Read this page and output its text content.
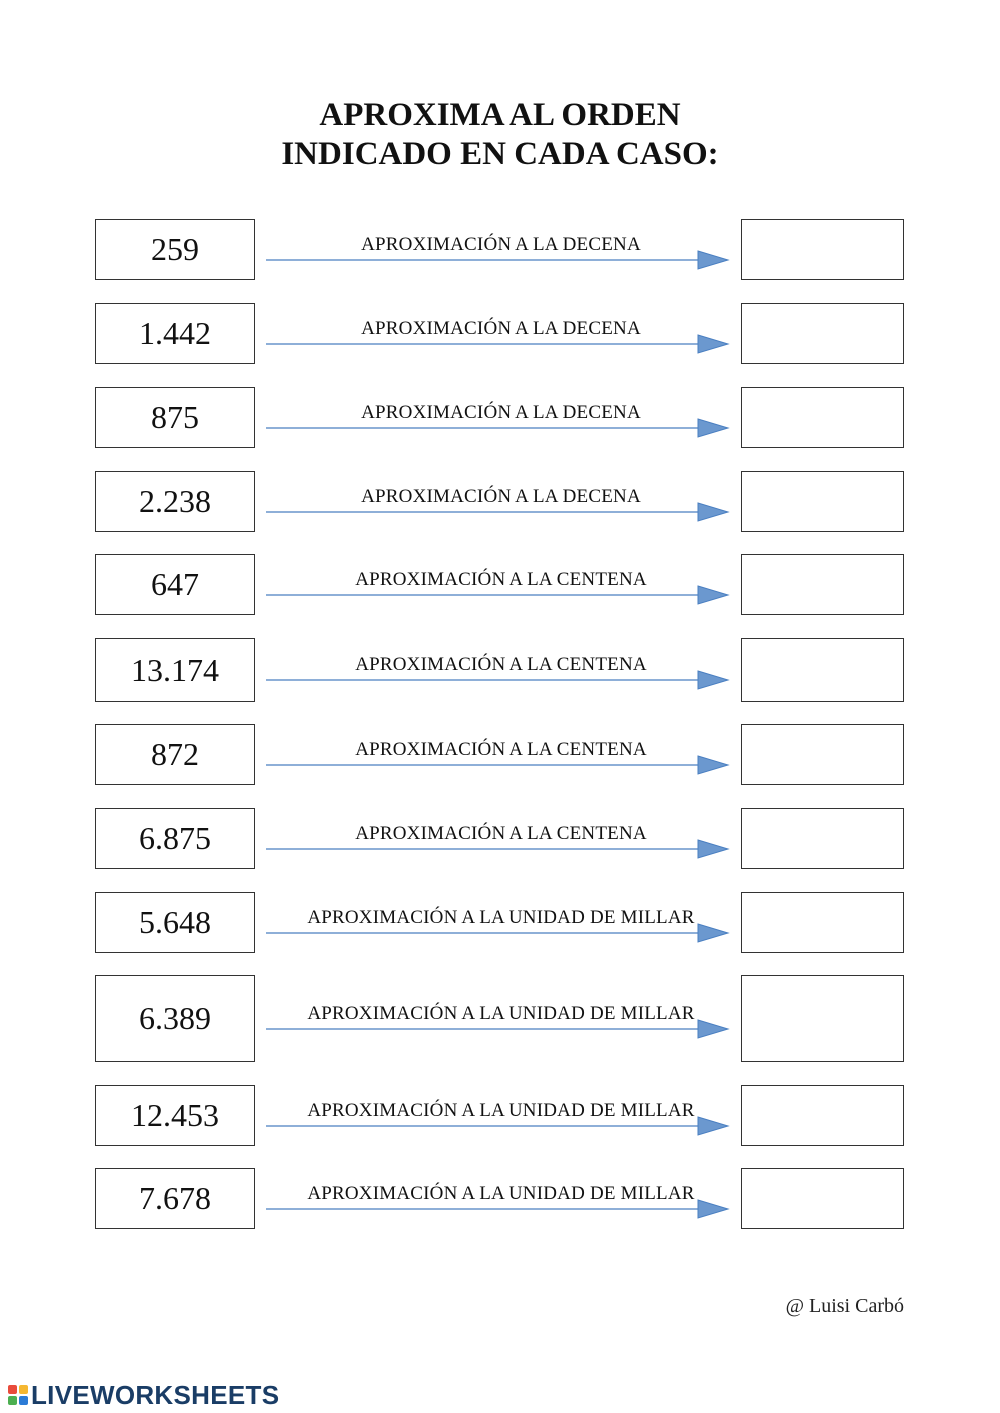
APROXIMA AL ORDEN
INDICADO EN CADA CASO:
259	APROXIMACIÓN A LA DECENA
1.442	APROXIMACIÓN A LA DECENA
875	APROXIMACIÓN A LA DECENA
2.238	APROXIMACIÓN A LA DECENA
647	APROXIMACIÓN A LA CENTENA
13.174	APROXIMACIÓN A LA CENTENA
872	APROXIMACIÓN A LA CENTENA
6.875	APROXIMACIÓN A LA CENTENA
5.648	APROXIMACIÓN A LA UNIDAD DE MILLAR
6.389	APROXIMACIÓN A LA UNIDAD DE MILLAR
12.453	APROXIMACIÓN A LA UNIDAD DE MILLAR
7.678	APROXIMACIÓN A LA UNIDAD DE MILLAR
@ Luisi Carbó
LIVEWORKSHEETS
